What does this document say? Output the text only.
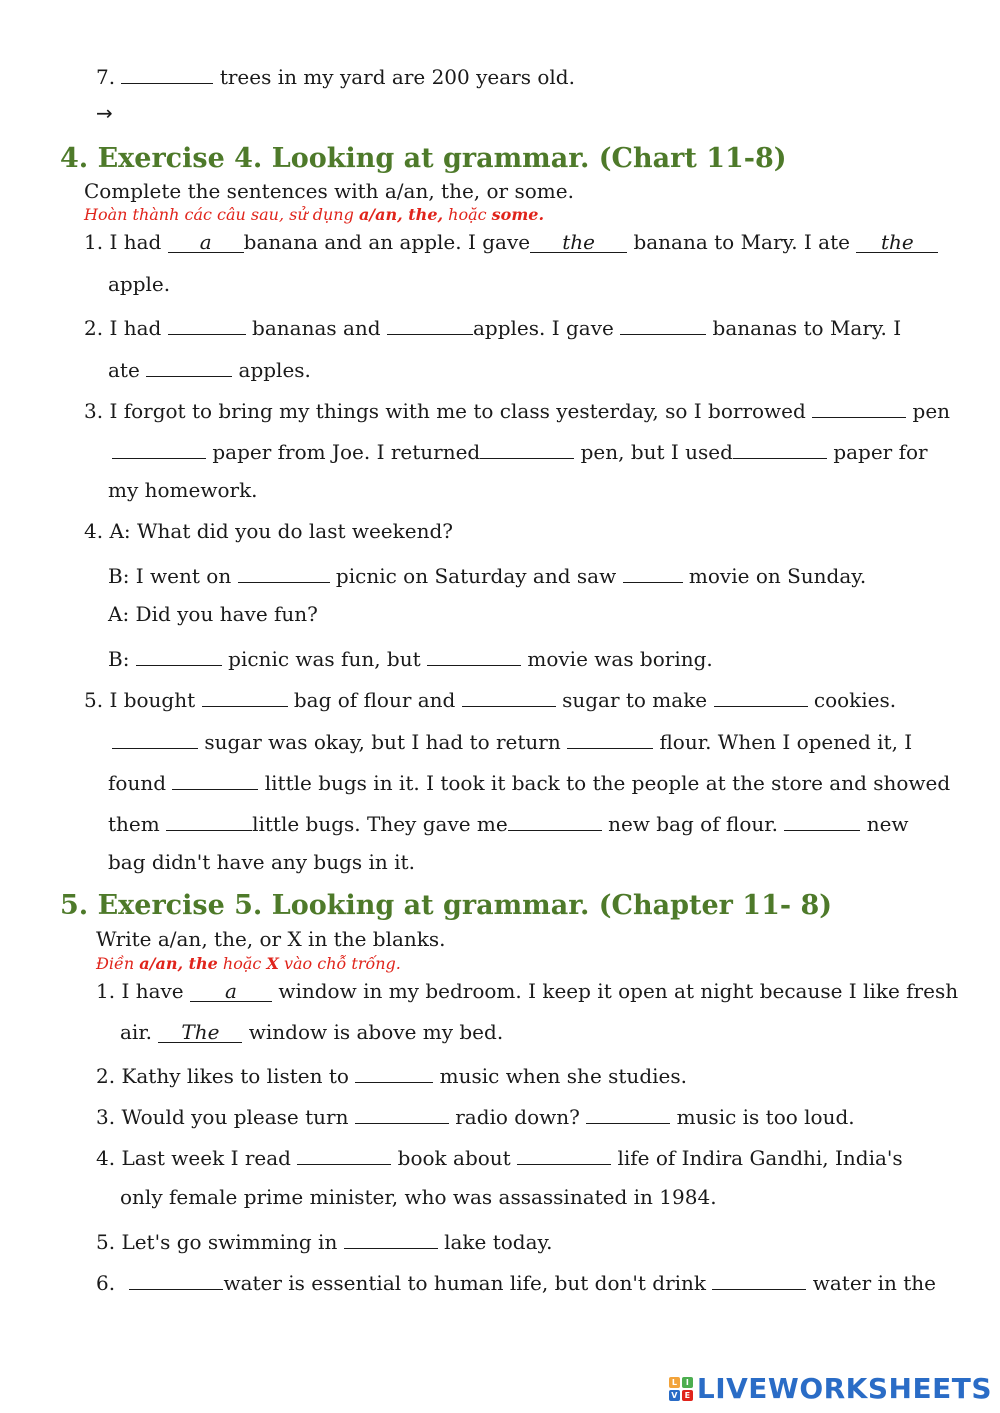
7.	trees in my yard are 200 years old.
→
4. Exercise 4. Looking at grammar. (Chart 11-8)
Complete the sentences with a/an, the, or some.
Hoàn thành các câu sau, sử dụng a/an, the, hoặc some.
1. I had a banana and an apple. I gave the banana to Mary. I ate the
apple.
2. I had	bananas and	apples. I gave	bananas to Mary. I
ate	apples.
3. I forgot to bring my things with me to class yesterday, so I borrowed	pen
paper from Joe. I returned	pen, but I used	paper for
my homework.
4. A: What did you do last weekend?
B: I went on	picnic on Saturday and saw	movie on Sunday.
A: Did you have fun?
B:	picnic was fun, but	movie was boring.
5. I bought	bag of flour and	sugar to make	cookies.
sugar was okay, but I had to return	flour. When I opened it, I
found	little bugs in it. I took it back to the people at the store and showed
them	little bugs. They gave me	new bag of flour.	new
bag didn't have any bugs in it.
5. Exercise 5. Looking at grammar. (Chapter 11- 8)
Write a/an, the, or X in the blanks.
Điền a/an, the hoặc X vào chỗ trống.
1. I have a window in my bedroom. I keep it open at night because I like fresh
air. The window is above my bed.
2. Kathy likes to listen to	music when she studies.
3. Would you please turn	radio down?	music is too loud.
4. Last week I read	book about	life of Indira Gandhi, India's
only female prime minister, who was assassinated in 1984.
5. Let's go swimming in	lake today.
6.	water is essential to human life, but don't drink	water in the
L	I
V E LIVEWORKSHEETS
